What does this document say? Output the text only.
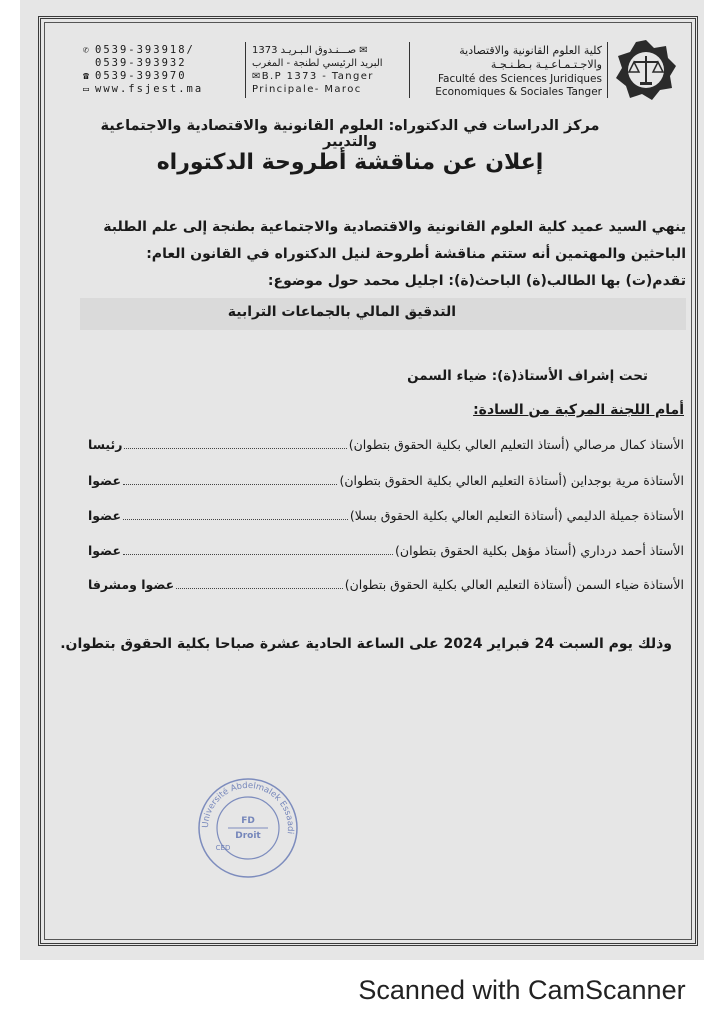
كلية العلوم القانونية والاقتصادية
والاجـتـمـاعـيـة بـطـنـجـة
Faculté des Sciences Juridiques
Economiques & Sociales Tanger
✉ صـــنـدوق الـبـريـد 1373
البريد الرئيسي لطنجة - المغرب
✉B.P 1373 - Tanger
Principale- Maroc
✆ 0539-393918/
0539-393932
☎ 0539-393970
▭ www.fsjest.ma
مركز الدراسات في الدكتوراه: العلوم القانونية والاقتصادية والاجتماعية والتدبير
إعلان عن مناقشة أطروحة الدكتوراه
ينهي السيد عميد كلية العلوم القانونية والاقتصادية والاجتماعية بطنجة إلى علم الطلبة الباحثين والمهتمين أنه ستتم مناقشة أطروحة لنيل الدكتوراه في القانون العام: تقدم(ت) بها الطالب(ة) الباحث(ة): اجليل محمد حول موضوع:
التدقيق المالي بالجماعات الترابية
تحت إشراف الأستاذ(ة): ضياء السمن
أمام اللجنة المركبة من السادة:
الأستاذ كمال مرصالي (أستاذ التعليم العالي بكلية الحقوق بتطوان)
رئيسا
الأستاذة مرية بوجداين (أستاذة التعليم العالي بكلية الحقوق بتطوان)
عضوا
الأستاذة جميلة الدليمي (أستاذة التعليم العالي بكلية الحقوق بسلا)
عضوا
الأستاذ أحمد درداري (أستاذ مؤهل بكلية الحقوق بتطوان)
عضوا
الأستاذة ضياء السمن (أستاذة التعليم العالي بكلية الحقوق بتطوان)
عضوا ومشرفا
وذلك يوم السبت 24 فبراير 2024 على الساعة الحادية عشرة صباحا بكلية الحقوق بتطوان.
Université Abdelmalek Essaadi
FD
Droit
CED
Scanned with CamScanner
